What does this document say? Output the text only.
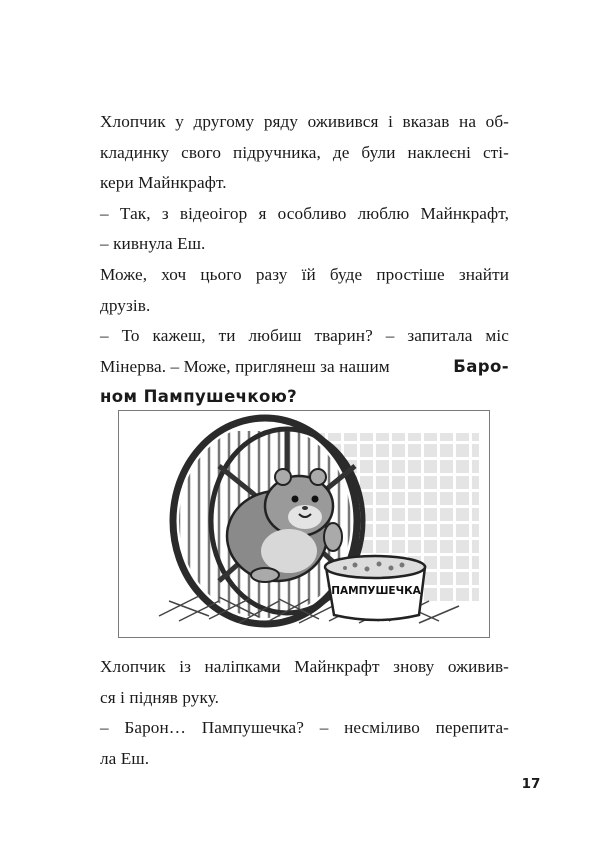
Хлопчик у другому ряду оживився і вказав на об-

кладинку свого підручника, де були наклеєні сті-

кери Майнкрафт.

– Так, з відеоігор я особливо люблю Майнкрафт,

– кивнула Еш.

Може, хоч цього разу їй буде простіше знайти

друзів.

– То кажеш, ти любиш тварин? – запитала міс

Мінерва. – Може, приглянеш за нашим	Баро-

ном Пампушечкою?

ПАМПУШЕЧКА

Хлопчик із наліпками Майнкрафт знову оживив-

ся і підняв руку.

– Барон… Пампушечка? – несміливо перепита-

ла Еш.

17
